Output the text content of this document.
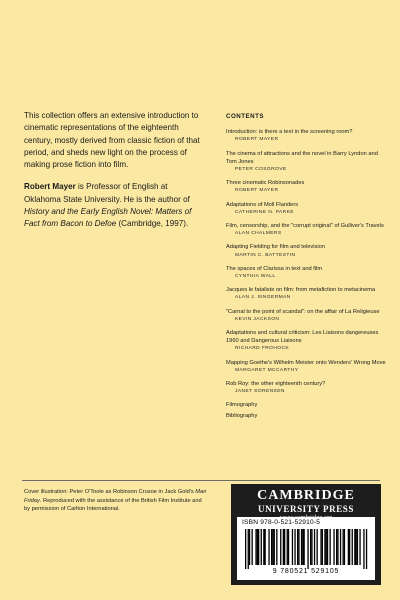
This collection offers an extensive introduction to cinematic representations of the eighteenth century, mostly derived from classic fiction of that period, and sheds new light on the process of making prose fiction into film.

Robert Mayer is Professor of English at Oklahoma State University. He is the author of History and the Early English Novel: Matters of Fact from Bacon to Defoe (Cambridge, 1997).

CONTENTS
Introduction: is there a text in the screening room?
ROBERT MAYER
The cinema of attractions and the novel in Barry Lyndon and Tom Jones
PETER COSGROVE
Three cinematic Robinsonades
ROBERT MAYER
Adaptations of Moll Flanders
CATHERINE N. PARKE
Film, censorship, and the "corrupt original" of Gulliver's Travels
ALAN CHALMERS
Adapting Fielding for film and television
MARTIN C. BATTESTIN
The spaces of Clarissa in text and film
CYNTHIA WALL
Jacques le fataliste on film: from metafiction to metacinema
ALAN J. SINGERMAN
"Carnal to the point of scandal": on the affair of La Religieuse
KEVIN JACKSON
Adaptations and cultural criticism: Les Liaisons dangereuses 1960 and Dangerous Liaisons
RICHARD FROHOCK
Mapping Goethe's Wilhelm Meister onto Wenders' Wrong Move
MARGARET MCCARTHY
Rob Roy: the other eighteenth century?
JANET SORENSEN
Filmography
Bibliography
Cover illustration: Peter O'Toole as Robinson Crusoe in Jack Gold's Man Friday. Reproduced with the assistance of the British Film Institute and by permission of Carlton International.
CAMBRIDGE
UNIVERSITY PRESS
ISBN 978-0-521-52910-5
9 780521 529105
